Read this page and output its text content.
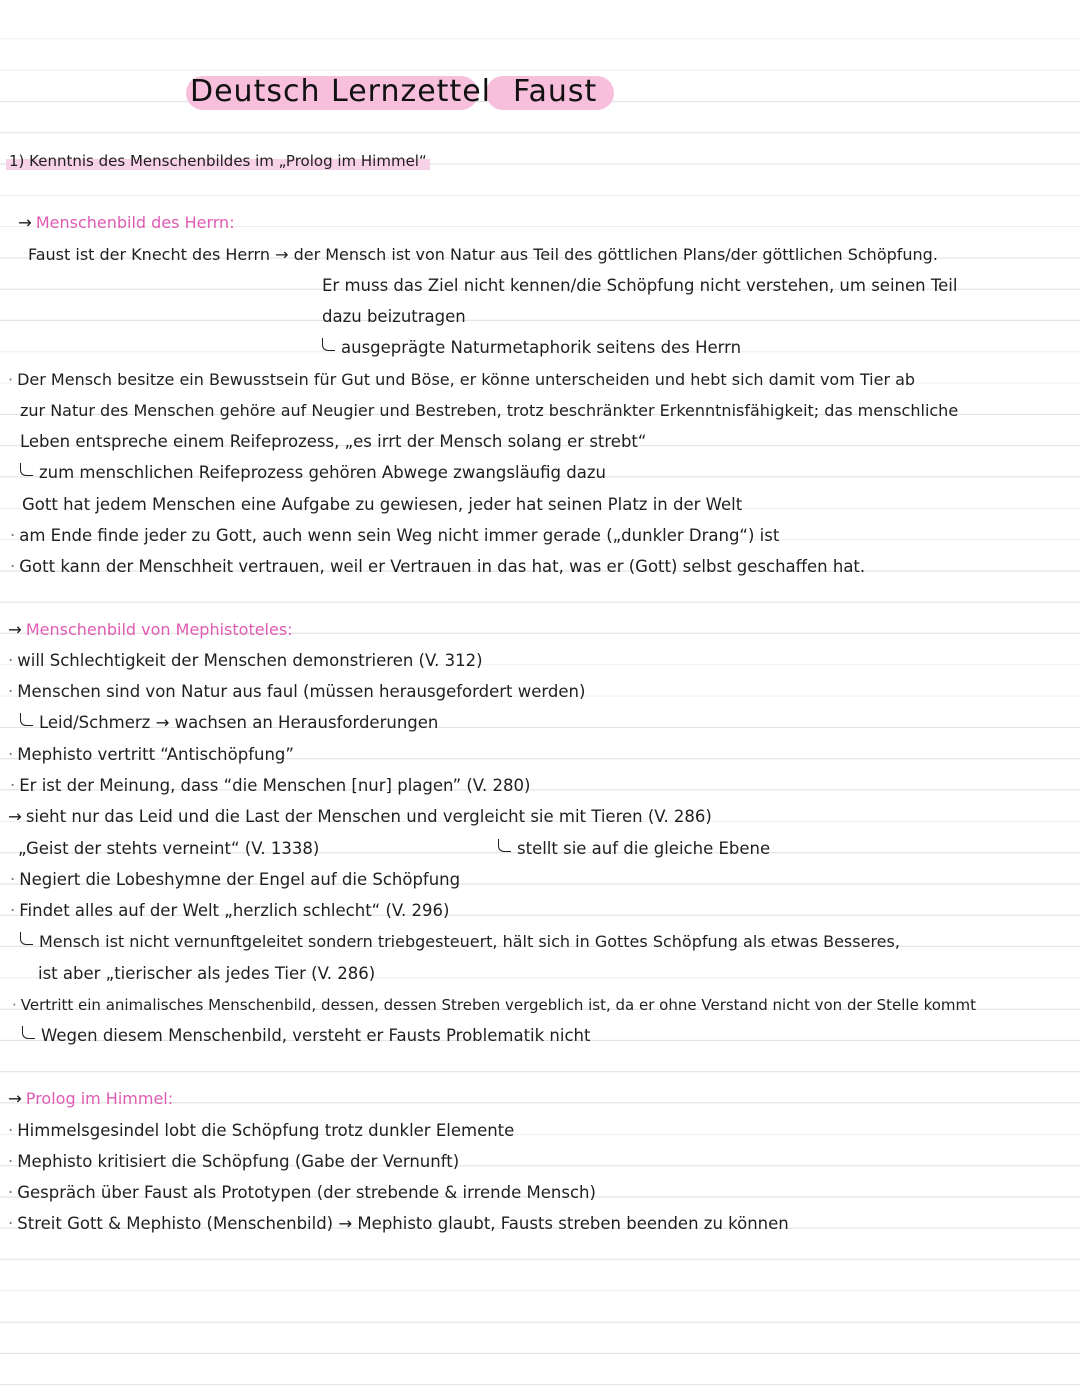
Deutsch Lernzettel Faust
1) Kenntnis des Menschenbildes im „Prolog im Himmel“
→ Menschenbild des Herrn:
Faust ist der Knecht des Herrn → der Mensch ist von Natur aus Teil des göttlichen Plans/der göttlichen Schöpfung.
Er muss das Ziel nicht kennen/die Schöpfung nicht verstehen, um seinen Teil
dazu beizutragen
ausgeprägte Naturmetaphorik seitens des Herrn
· Der Mensch besitze ein Bewusstsein für Gut und Böse, er könne unterscheiden und hebt sich damit vom Tier ab
zur Natur des Menschen gehöre auf Neugier und Bestreben, trotz beschränkter Erkenntnisfähigkeit; das menschliche
Leben entspreche einem Reifeprozess, „es irrt der Mensch solang er strebt“
zum menschlichen Reifeprozess gehören Abwege zwangsläufig dazu
Gott hat jedem Menschen eine Aufgabe zu gewiesen, jeder hat seinen Platz in der Welt
· am Ende finde jeder zu Gott, auch wenn sein Weg nicht immer gerade („dunkler Drang“) ist
· Gott kann der Menschheit vertrauen, weil er Vertrauen in das hat, was er (Gott) selbst geschaffen hat.
→ Menschenbild von Mephistoteles:
· will Schlechtigkeit der Menschen demonstrieren (V. 312)
· Menschen sind von Natur aus faul (müssen herausgefordert werden)
Leid/Schmerz → wachsen an Herausforderungen
· Mephisto vertritt “Antischöpfung”
· Er ist der Meinung, dass “die Menschen [nur] plagen” (V. 280)
→ sieht nur das Leid und die Last der Menschen und vergleicht sie mit Tieren (V. 286)
„Geist der stehts verneint“ (V. 1338)	stellt sie auf die gleiche Ebene
· Negiert die Lobeshymne der Engel auf die Schöpfung
· Findet alles auf der Welt „herzlich schlecht“ (V. 296)
Mensch ist nicht vernunftgeleitet sondern triebgesteuert, hält sich in Gottes Schöpfung als etwas Besseres,
ist aber „tierischer als jedes Tier (V. 286)
· Vertritt ein animalisches Menschenbild, dessen, dessen Streben vergeblich ist, da er ohne Verstand nicht von der Stelle kommt
Wegen diesem Menschenbild, versteht er Fausts Problematik nicht
→ Prolog im Himmel:
· Himmelsgesindel lobt die Schöpfung trotz dunkler Elemente
· Mephisto kritisiert die Schöpfung (Gabe der Vernunft)
· Gespräch über Faust als Prototypen (der strebende & irrende Mensch)
· Streit Gott & Mephisto (Menschenbild) → Mephisto glaubt, Fausts streben beenden zu können
